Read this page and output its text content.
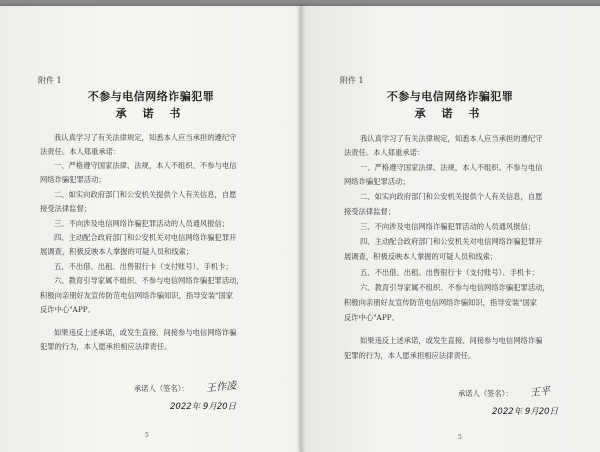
附件 1
不参与电信网络诈骗犯罪
承 诺 书
我认真学习了有关法律规定，知悉本人应当承担的遵纪守
法责任。本人郑重承诺：
一、严格遵守国家法律、法规，本人不组织、不参与电信
网络诈骗犯罪活动；
二、如实向政府部门和公安机关提供个人有关信息，自愿
接受法律监督；
三、不向涉及电信网络诈骗犯罪活动的人员通风报信；
四、主动配合政府部门和公安机关对电信网络诈骗犯罪开
展调查，积极反映本人掌握的可疑人员和线索；
五、不出借、出租、出售银行卡（支付账号）、手机卡；
六、教育引导家属不组织、不参与电信网络诈骗犯罪活动，
积极向亲朋好友宣传防范电信网络诈骗知识，指导安装"国家
反诈中心"APP。
如果违反上述承诺，或发生直接、间接参与电信网络诈骗
犯罪的行为，本人愿承担相应法律责任。
承诺人（签名）： 王作凌
2022年 9月20日
5
附件 1
不参与电信网络诈骗犯罪
承 诺 书
我认真学习了有关法律规定，知悉本人应当承担的遵纪守
法责任。本人郑重承诺：
一、严格遵守国家法律、法规，本人不组织、不参与电信
网络诈骗犯罪活动；
二、如实向政府部门和公安机关提供个人有关信息，自愿
接受法律监督；
三、不向涉及电信网络诈骗犯罪活动的人员通风报信；
四、主动配合政府部门和公安机关对电信网络诈骗犯罪开
展调查，积极反映本人掌握的可疑人员和线索；
五、不出借、出租、出售银行卡（支付账号）、手机卡；
六、教育引导家属不组织、不参与电信网络诈骗犯罪活动，
积极向亲朋好友宣传防范电信网络诈骗知识，指导安装"国家
反诈中心"APP。
如果违反上述承诺，或发生直接、间接参与电信网络诈骗
犯罪的行为，本人愿承担相应法律责任。
承诺人（签名）： 王平
2022年 9月20日
5
